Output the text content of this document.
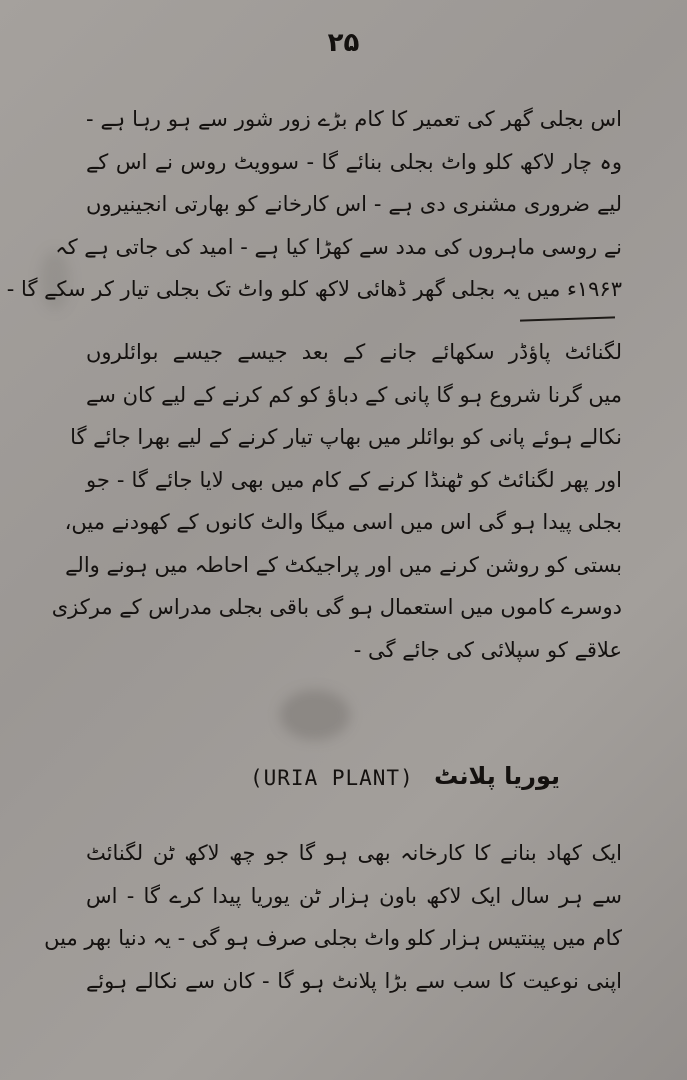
۲۵

اس بجلی گھر کی تعمیر کا کام بڑے زور شور سے ہو رہا ہے -
وہ چار لاکھ کلو واٹ بجلی بنائے گا - سوویٹ روس نے اس کے
لیے ضروری مشنری دی ہے - اس کارخانے کو بھارتی انجینیروں
نے روسی ماہروں کی مدد سے کھڑا کیا ہے - امید کی جاتی ہے کہ
۱۹۶۳ء میں یہ بجلی گھر ڈھائی لاکھ کلو واٹ تک بجلی تیار کر سکے گا -

لگنائٹ پاؤڈر سکھائے جانے کے بعد جیسے جیسے بوائلروں
میں گرنا شروع ہو گا پانی کے دباؤ کو کم کرنے کے لیے کان سے
نکالے ہوئے پانی کو بوائلر میں بھاپ تیار کرنے کے لیے بھرا جائے گا
اور پھر لگنائٹ کو ٹھنڈا کرنے کے کام میں بھی لایا جائے گا - جو
بجلی پیدا ہو گی اس میں اسی میگا والٹ کانوں کے کھودنے میں،
بستی کو روشن کرنے میں اور پراجیکٹ کے احاطہ میں ہونے والے
دوسرے کاموں میں استعمال ہو گی باقی بجلی مدراس کے مرکزی
علاقے کو سپلائی کی جائے گی -

یوریا پلانٹ
(URIA PLANT)

ایک کھاد بنانے کا کارخانہ بھی ہو گا جو چھ لاکھ ٹن لگنائٹ
سے ہر سال ایک لاکھ باون ہزار ٹن یوریا پیدا کرے گا - اس
کام میں پینتیس ہزار کلو واٹ بجلی صرف ہو گی - یہ دنیا بھر میں
اپنی نوعیت کا سب سے بڑا پلانٹ ہو گا - کان سے نکالے ہوئے
